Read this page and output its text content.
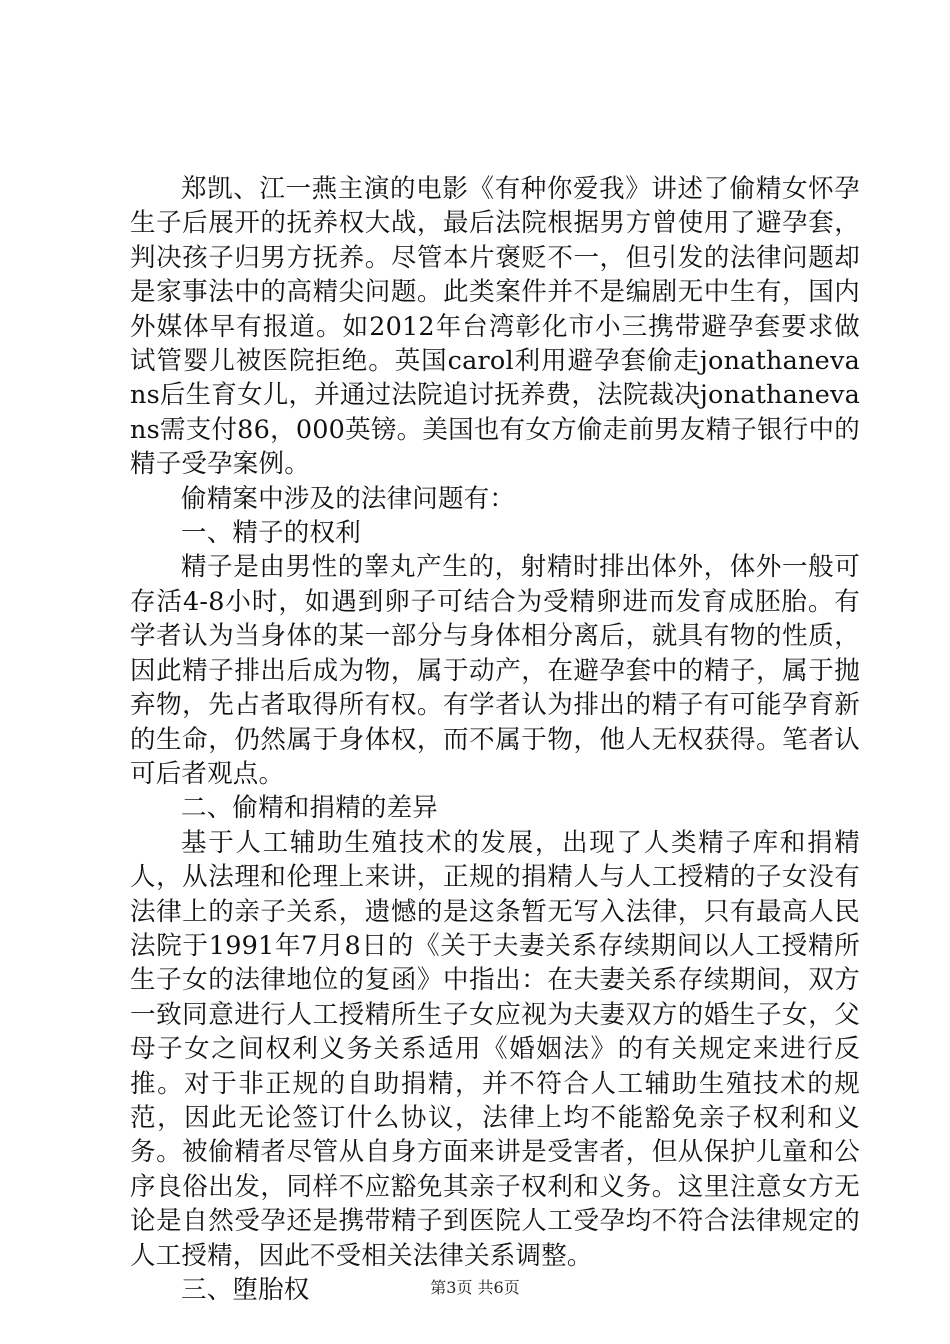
郑凯、江一燕主演的电影《有种你爱我》讲述了偷精女怀孕生子后展开的抚养权大战，最后法院根据男方曾使用了避孕套，判决孩子归男方抚养。尽管本片褒贬不一，但引发的法律问题却是家事法中的高精尖问题。此类案件并不是编剧无中生有，国内外媒体早有报道。如2012年台湾彰化市小三携带避孕套要求做试管婴儿被医院拒绝。英国carol利用避孕套偷走jonathanevans后生育女儿，并通过法院追讨抚养费，法院裁决jonathanevans需支付86，000英镑。美国也有女方偷走前男友精子银行中的精子受孕案例。

偷精案中涉及的法律问题有：

一、精子的权利

精子是由男性的睾丸产生的，射精时排出体外，体外一般可存活4-8小时，如遇到卵子可结合为受精卵进而发育成胚胎。有学者认为当身体的某一部分与身体相分离后，就具有物的性质，因此精子排出后成为物，属于动产，在避孕套中的精子，属于抛弃物，先占者取得所有权。有学者认为排出的精子有可能孕育新的生命，仍然属于身体权，而不属于物，他人无权获得。笔者认可后者观点。

二、偷精和捐精的差异

基于人工辅助生殖技术的发展，出现了人类精子库和捐精人，从法理和伦理上来讲，正规的捐精人与人工授精的子女没有法律上的亲子关系，遗憾的是这条暂无写入法律，只有最高人民法院于1991年7月8日的《关于夫妻关系存续期间以人工授精所生子女的法律地位的复函》中指出：在夫妻关系存续期间，双方一致同意进行人工授精所生子女应视为夫妻双方的婚生子女，父母子女之间权利义务关系适用《婚姻法》的有关规定来进行反推。对于非正规的自助捐精，并不符合人工辅助生殖技术的规范，因此无论签订什么协议，法律上均不能豁免亲子权利和义务。被偷精者尽管从自身方面来讲是受害者，但从保护儿童和公序良俗出发，同样不应豁免其亲子权利和义务。这里注意女方无论是自然受孕还是携带精子到医院人工受孕均不符合法律规定的人工授精，因此不受相关法律关系调整。

三、堕胎权	第3页 共6页
